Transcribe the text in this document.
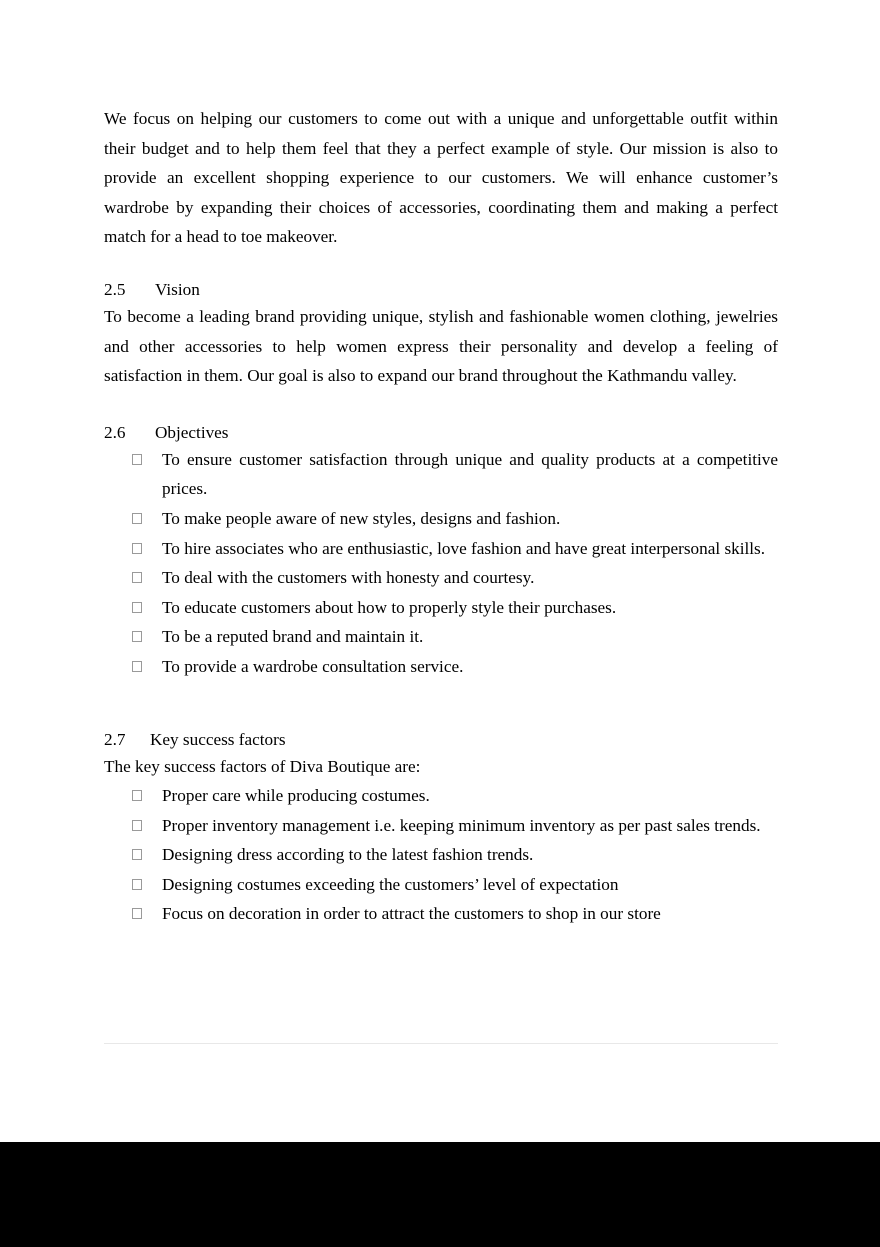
We focus on helping our customers to come out with a unique and unforgettable outfit within their budget and to help them feel that they a perfect example of style. Our mission is also to provide an excellent shopping experience to our customers. We will enhance customer’s wardrobe by expanding their choices of accessories, coordinating them and making a perfect match for a head to toe makeover.

2.5 Vision

To become a leading brand providing unique, stylish and fashionable women clothing, jewelries and other accessories to help women express their personality and develop a feeling of satisfaction in them. Our goal is also to expand our brand throughout the Kathmandu valley.

2.6 Objectives
To ensure customer satisfaction through unique and quality products at a competitive prices.
To make people aware of new styles, designs and fashion.
To hire associates who are enthusiastic, love fashion and have great interpersonal skills.
To deal with the customers with honesty and courtesy.
To educate customers about how to properly style their purchases.
To be a reputed brand and maintain it.
To provide a wardrobe consultation service.
2.7 Key success factors

The key success factors of Diva Boutique are:

Proper care while producing costumes.
Proper inventory management i.e. keeping minimum inventory as per past sales trends.
Designing dress according to the latest fashion trends.
Designing costumes exceeding the customers’ level of expectation
Focus on decoration in order to attract the customers to shop in our store
